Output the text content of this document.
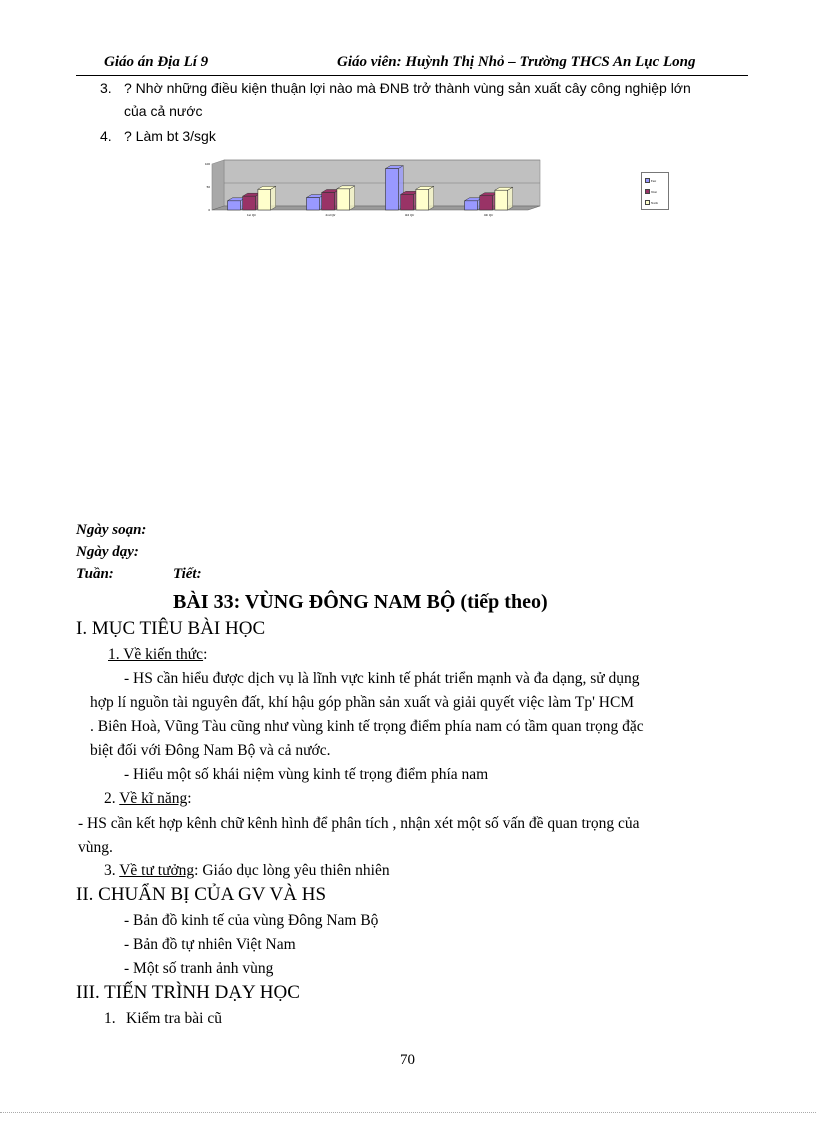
Giáo án Địa Lí 9	Giáo viên: Huỳnh Thị Nhỏ – Trường THCS An Lục Long
3. ? Nhờ những điều kiện thuận lợi nào mà ĐNB trở thành vùng sản xuất cây công nghiệp lớn
của cả nước
4. ? Làm bt 3/sgk
100
50
0
1st Qtr	2nd Qtr	3rd Qtr	4th Qtr
East
West
North
Ngày soạn:
Ngày dạy:
Tuần:	Tiết:
BÀI 33: VÙNG ĐÔNG NAM BỘ (tiếp theo)
I. MỤC TIÊU BÀI HỌC
1. Về kiến thức:
- HS cần hiểu được dịch vụ là lĩnh vực kinh tế phát triển mạnh và đa dạng, sử dụng
hợp lí nguồn tài nguyên đất, khí hậu góp phần sản xuất và giải quyết việc làm Tp' HCM
. Biên Hoà, Vũng Tàu cũng như vùng kinh tế trọng điểm phía nam có tầm quan trọng đặc
biệt đối với Đông Nam Bộ và cả nước.
- Hiểu một số khái niệm vùng kinh tế trọng điểm phía nam
2. Về kĩ năng:
- HS cần kết hợp kênh chữ kênh hình để phân tích , nhận xét một số vấn đề quan trọng của
vùng.
3. Về tư tưởng: Giáo dục lòng yêu thiên nhiên
II. CHUẨN BỊ CỦA GV VÀ HS
- Bản đồ kinh tế của vùng Đông Nam Bộ
- Bản đồ tự nhiên Việt Nam
- Một số tranh ảnh vùng
III. TIẾN TRÌNH DẠY HỌC
1. Kiểm tra bài cũ
70
